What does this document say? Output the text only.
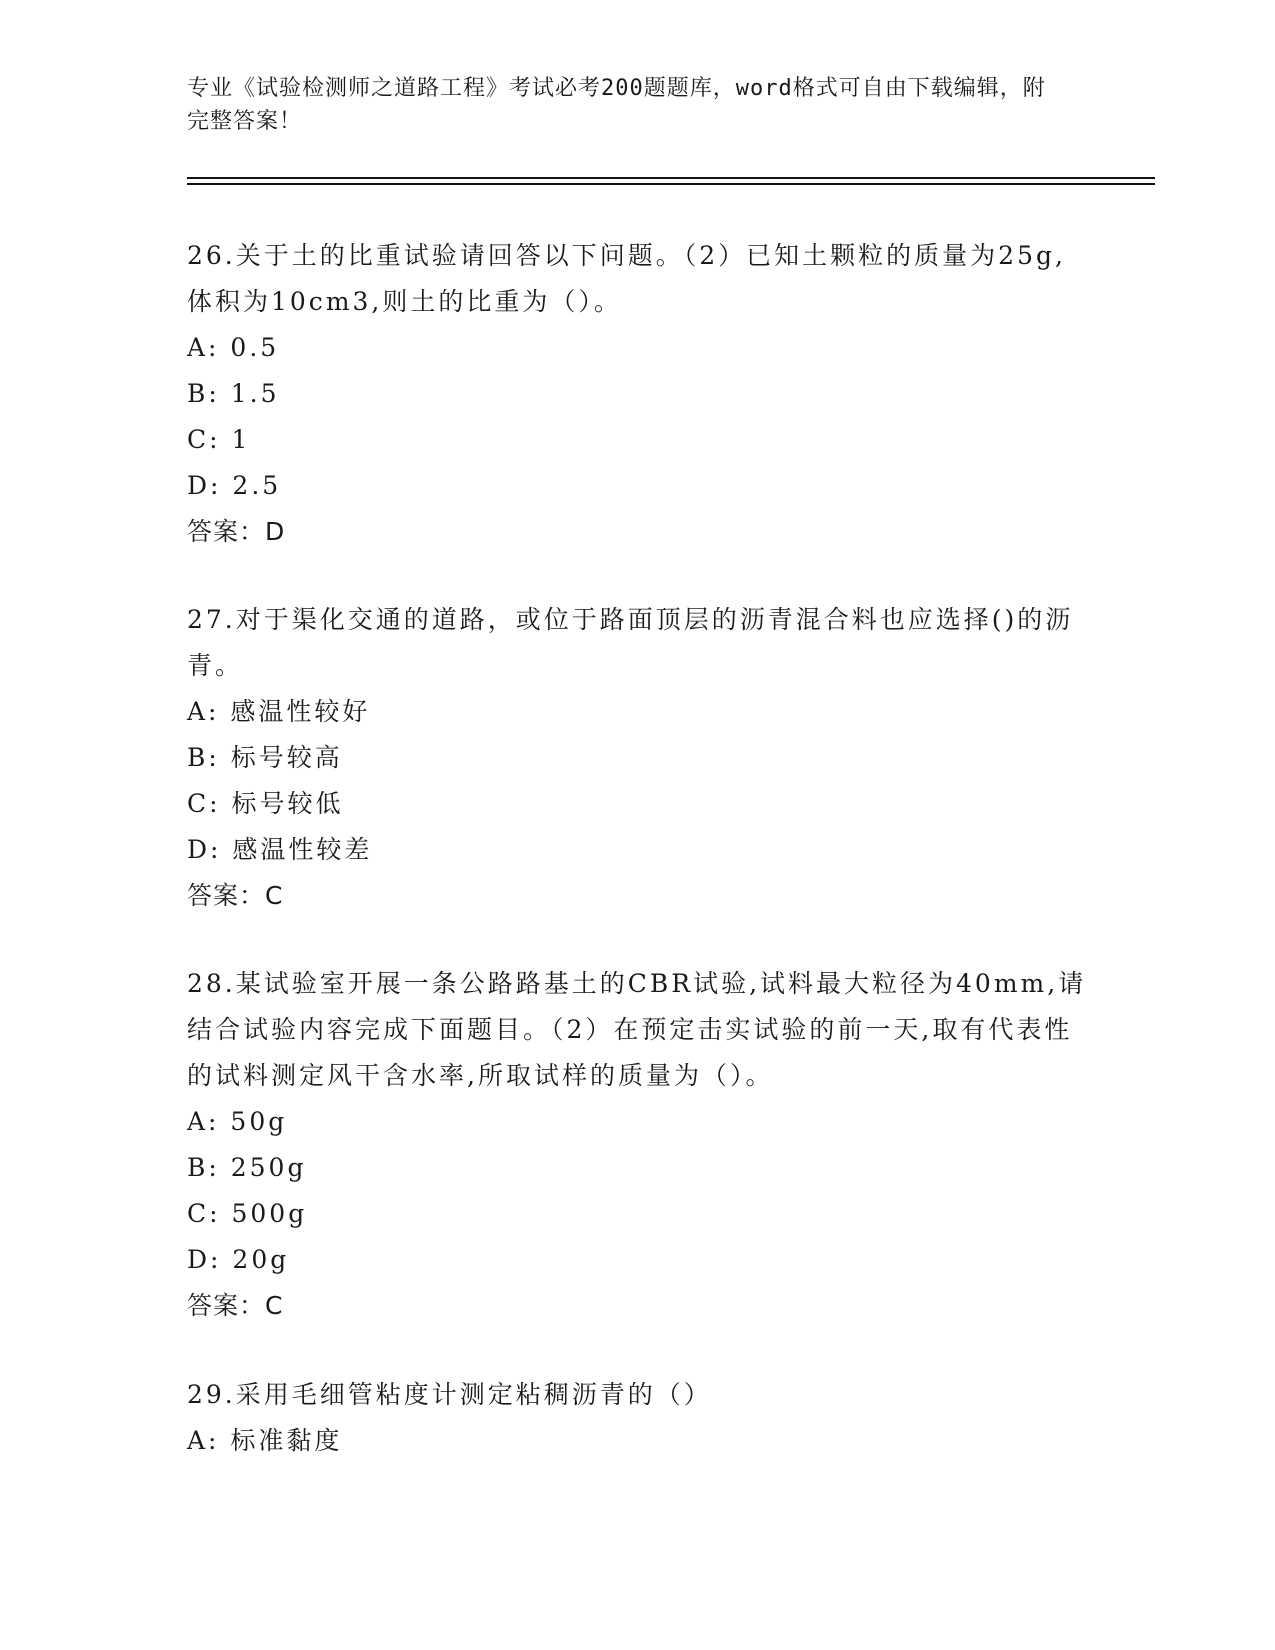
专业《试验检测师之道路工程》考试必考200题题库，word格式可自由下载编辑，附完整答案！

26.关于土的比重试验请回答以下问题。（2）已知土颗粒的质量为25g,体积为10cm3,则土的比重为（）。

A: 0.5

B: 1.5

C: 1

D: 2.5

答案：D

27.对于渠化交通的道路，或位于路面顶层的沥青混合料也应选择()的沥青。

A: 感温性较好

B: 标号较高

C: 标号较低

D: 感温性较差

答案：C

28.某试验室开展一条公路路基土的CBR试验,试料最大粒径为40mm,请结合试验内容完成下面题目。（2）在预定击实试验的前一天,取有代表性的试料测定风干含水率,所取试样的质量为（）。

A: 50g

B: 250g

C: 500g

D: 20g

答案：C

29.采用毛细管粘度计测定粘稠沥青的（）

A: 标准黏度
